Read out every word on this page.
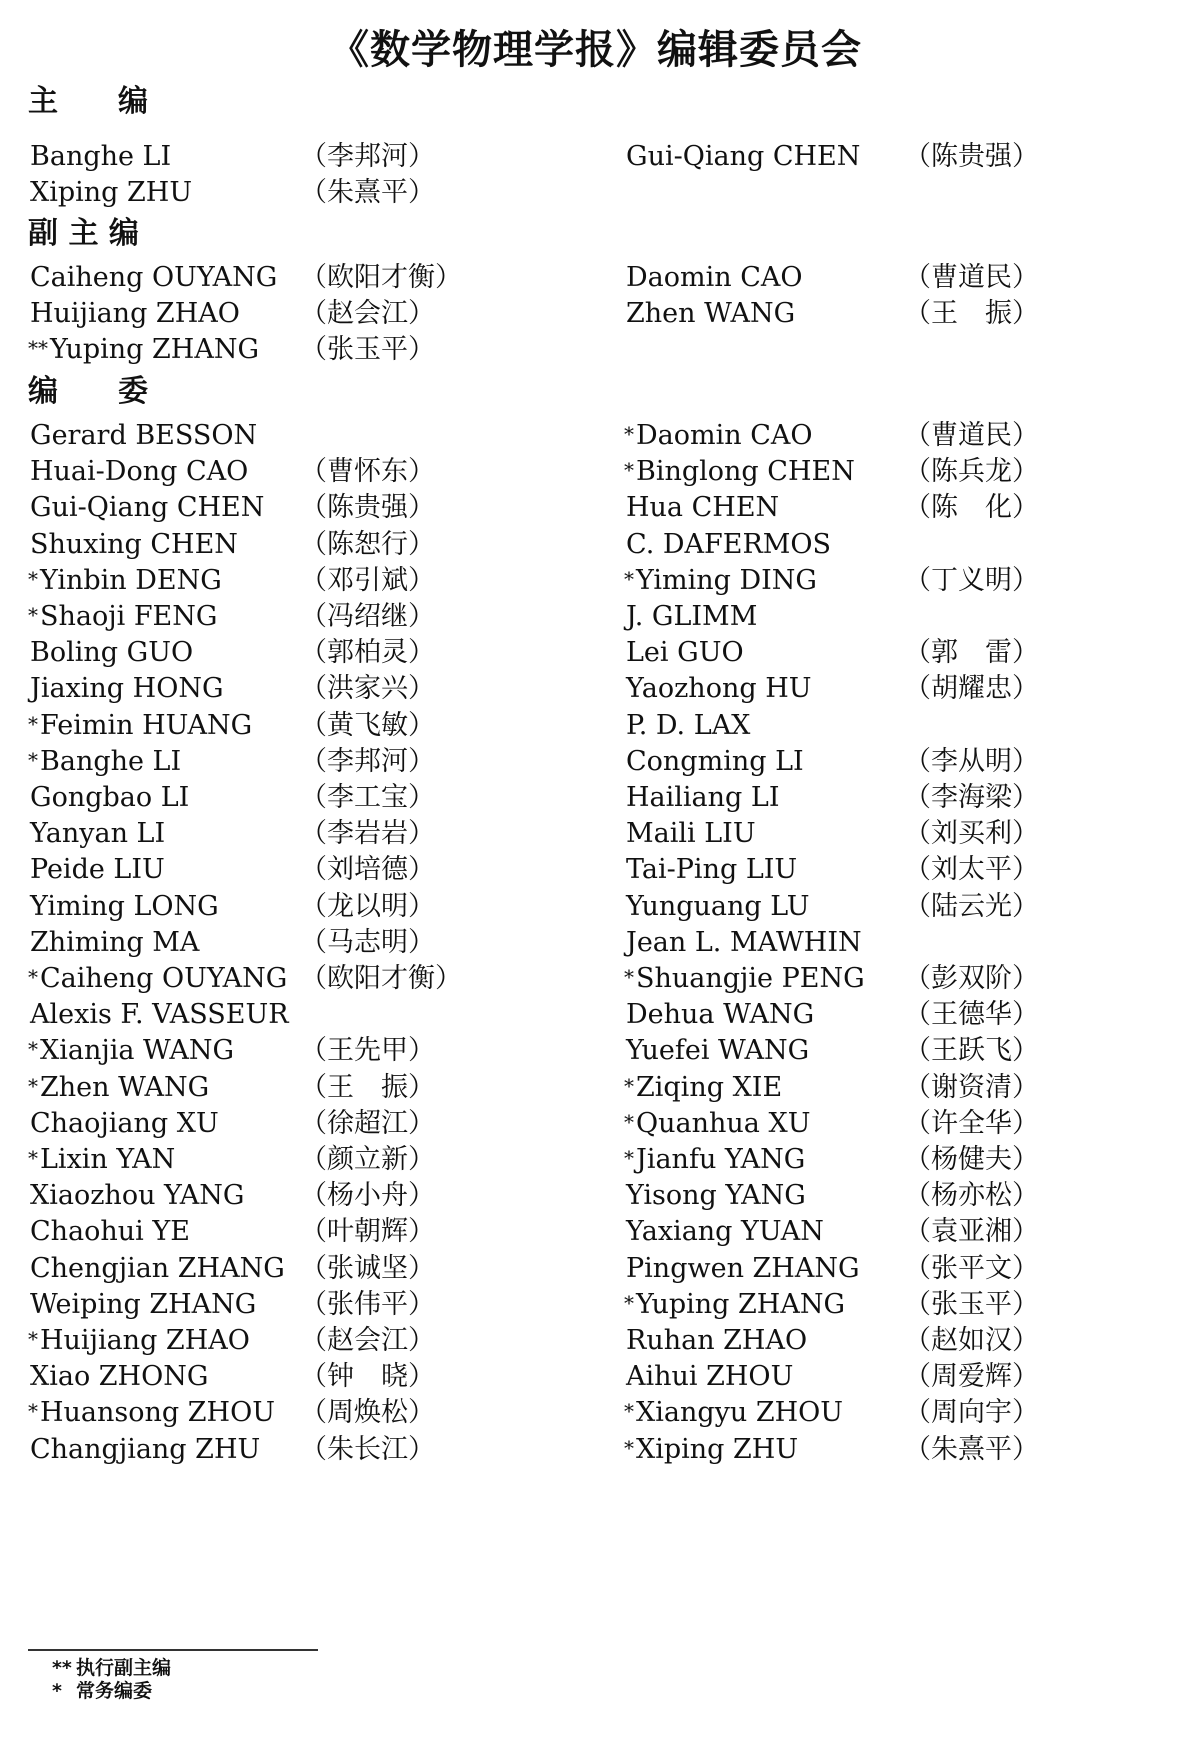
《数学物理学报》编辑委员会
主　　编
Banghe LI	（李邦河）	Gui-Qiang CHEN （陈贵强）
Xiping ZHU	（朱熹平）
副 主 编
Caiheng OUYANG （欧阳才衡）	Daomin CAO	（曹道民）
Huijiang ZHAO （赵会江）	Zhen WANG	（王　振）
**Yuping ZHANG （张玉平）
编　　委
Gerard BESSON	*Daomin CAO	（曹道民）
Huai-Dong CAO （曹怀东）	*Binglong CHEN （陈兵龙）
Gui-Qiang CHEN （陈贵强）	Hua CHEN	（陈　化）
Shuxing CHEN （陈恕行）	C. DAFERMOS
*Yinbin DENG	（邓引斌）	*Yiming DING	（丁义明）
*Shaoji FENG	（冯绍继）	J. GLIMM
Boling GUO	（郭柏灵）	Lei GUO	（郭　雷）
Jiaxing HONG	（洪家兴）	Yaozhong HU	（胡耀忠）
*Feimin HUANG （黄飞敏）	P. D. LAX
*Banghe LI	（李邦河）	Congming LI	（李从明）
Gongbao LI	（李工宝）	Hailiang LI	（李海梁）
Yanyan LI	（李岩岩）	Maili LIU	（刘买利）
Peide LIU	（刘培德）	Tai-Ping LIU	（刘太平）
Yiming LONG	（龙以明）	Yunguang LU	（陆云光）
Zhiming MA	（马志明）	Jean L. MAWHIN
*Caiheng OUYANG （欧阳才衡）	*Shuangjie PENG （彭双阶）
Alexis F. VASSEUR	Dehua WANG	（王德华）
*Xianjia WANG （王先甲）	Yuefei WANG	（王跃飞）
*Zhen WANG	（王　振）	*Ziqing XIE	（谢资清）
Chaojiang XU	（徐超江）	*Quanhua XU	（许全华）
*Lixin YAN	（颜立新）	*Jianfu YANG	（杨健夫）
Xiaozhou YANG （杨小舟）	Yisong YANG	（杨亦松）
Chaohui YE	（叶朝辉）	Yaxiang YUAN	（袁亚湘）
Chengjian ZHANG （张诚坚）	Pingwen ZHANG （张平文）
Weiping ZHANG （张伟平）	*Yuping ZHANG （张玉平）
*Huijiang ZHAO （赵会江）	Ruhan ZHAO	（赵如汉）
Xiao ZHONG	（钟　晓）	Aihui ZHOU	（周爱辉）
*Huansong ZHOU （周焕松）	*Xiangyu ZHOU （周向宇）
Changjiang ZHU （朱长江）	*Xiping ZHU	（朱熹平）
** 执行副主编
* 常务编委
